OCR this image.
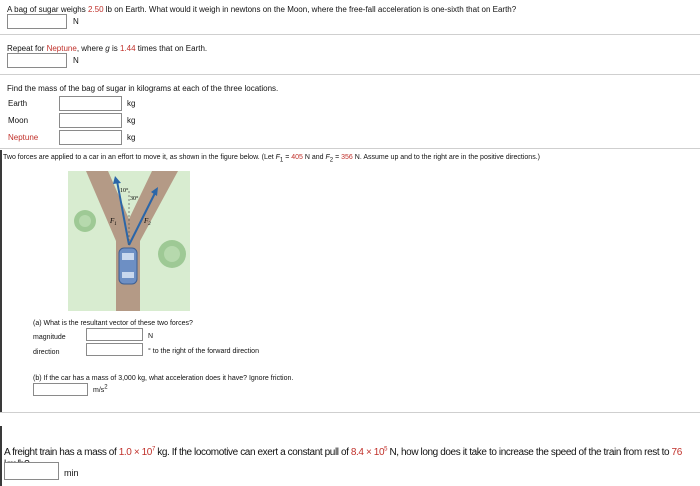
A bag of sugar weighs 2.50 lb on Earth. What would it weigh in newtons on the Moon, where the free-fall acceleration is one-sixth that on Earth?
N
Repeat for Neptune, where g is 1.44 times that on Earth.
N
Find the mass of the bag of sugar in kilograms at each of the three locations.
Earth	kg
Moon	kg
Neptune	kg
Two forces are applied to a car in an effort to move it, as shown in the figure below. (Let $F_1 = 405$ N and $F_2 = 356$ N. Assume up and to the right are in the positive directions.)
10°
30°
$F_1$	$F_2$
(a) What is the resultant vector of these two forces?
magnitude	N
direction	° to the right of the forward direction
(b) If the car has a mass of 3,000 kg, what acceleration does it have? Ignore friction.
$m/s^2$
A freight train has a mass of $1.0 \times 10^7$ kg. If the locomotive can exert a constant pull of $8.4 \times 10^5$ N, how long does it take to increase the speed of the train from rest to 76
min
